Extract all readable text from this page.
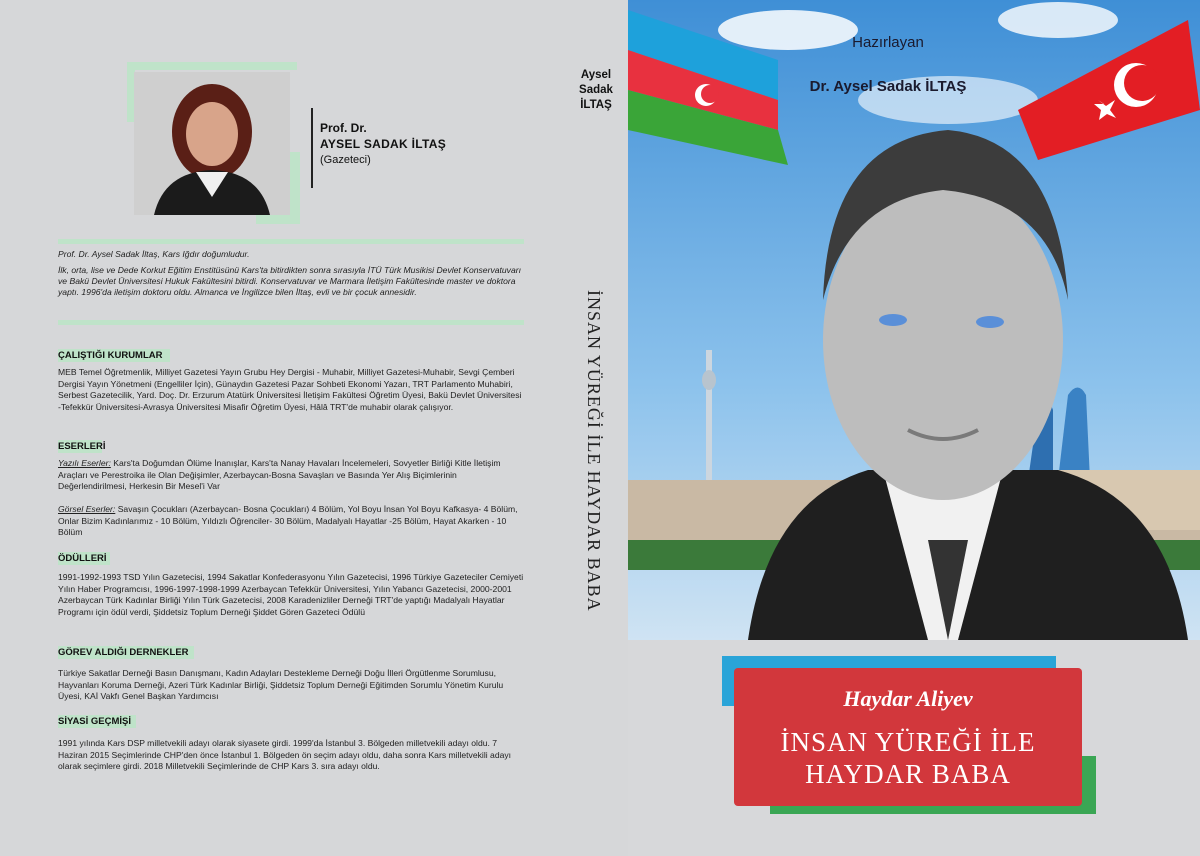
Prof. Dr.
AYSEL SADAK İLTAŞ
(Gazeteci)
Prof. Dr. Aysel Sadak İltaş, Kars Iğdır doğumludur.
İlk, orta, lise ve Dede Korkut Eğitim Enstitüsünü Kars'ta bitirdikten sonra sırasıyla İTÜ Türk Musikisi Devlet Konservatuvarı ve Bakü Devlet Üniversitesi Hukuk Fakültesini bitirdi. Konservatuvar ve Marmara İletişim Fakültesinde master ve doktora yaptı. 1996'da iletişim doktoru oldu. Almanca ve İngilizce bilen İltaş, evli ve bir çocuk annesidir.
ÇALIŞTIĞI KURUMLAR
MEB Temel Öğretmenlik, Milliyet Gazetesi Yayın Grubu Hey Dergisi - Muhabir, Milliyet Gazetesi-Muhabir, Sevgi Çemberi Dergisi Yayın Yönetmeni (Engelliler İçin), Günaydın Gazetesi Pazar Sohbeti Ekonomi Yazarı, TRT Parlamento Muhabiri, Serbest Gazetecilik, Yard. Doç. Dr. Erzurum Atatürk Üniversitesi İletişim Fakültesi Öğretim Üyesi, Bakü Devlet Üniversitesi -Tefekkür Üniversitesi-Avrasya Üniversitesi Misafir Öğretim Üyesi, Hâlâ TRT'de muhabir olarak çalışıyor.
ESERLERİ
Yazılı Eserler: Kars'ta Doğumdan Ölüme İnanışlar, Kars'ta Nanay Havaları İncelemeleri, Sovyetler Birliği Kitle İletişim Araçları ve Perestroika ile Olan Değişimler, Azerbaycan-Bosna Savaşları ve Basında Yer Alış Biçimlerinin Değerlendirilmesi, Herkesin Bir Mesel'i Var
Görsel Eserler: Savaşın Çocukları (Azerbaycan- Bosna Çocukları) 4 Bölüm, Yol Boyu İnsan Yol Boyu Kafkasya- 4 Bölüm, Onlar Bizim Kadınlarımız - 10 Bölüm, Yıldızlı Öğrenciler- 30 Bölüm, Madalyalı Hayatlar -25 Bölüm, Hayat Akarken - 10 Bölüm
ÖDÜLLERİ
1991-1992-1993 TSD Yılın Gazetecisi, 1994 Sakatlar Konfederasyonu Yılın Gazetecisi, 1996 Türkiye Gazeteciler Cemiyeti Yılın Haber Programcısı, 1996-1997-1998-1999 Azerbaycan Tefekkür Üniversitesi, Yılın Yabancı Gazetecisi, 2000-2001 Azerbaycan Türk Kadınlar Birliği Yılın Türk Gazetecisi, 2008 Karadenizliler Derneği TRT'de yaptığı Madalyalı Hayatlar Programı için ödül verdi, Şiddetsiz Toplum Derneği Şiddet Gören Gazeteci Ödülü
GÖREV ALDIĞI DERNEKLER
Türkiye Sakatlar Derneği Basın Danışmanı, Kadın Adayları Destekleme Derneği Doğu İlleri Örgütlenme Sorumlusu, Hayvanları Koruma Derneği, Azeri Türk Kadınlar Birliği, Şiddetsiz Toplum Derneği Eğitimden Sorumlu Yönetim Kurulu Üyesi, KAİ Vakfı Genel Başkan Yardımcısı
SİYASİ GEÇMİŞİ
1991 yılında Kars DSP milletvekili adayı olarak siyasete girdi. 1999'da İstanbul 3. Bölgeden milletvekili adayı oldu. 7 Haziran 2015 Seçimlerinde CHP'den önce İstanbul 1. Bölgeden ön seçim adayı oldu, daha sonra Kars milletvekili adayı olarak seçimlere girdi. 2018 Milletvekili Seçimlerinde de CHP Kars 3. sıra adayı oldu.
Aysel
Sadak
İLTAŞ
İNSAN YÜREĞİ İLE HAYDAR BABA
Hazırlayan
Dr. Aysel Sadak İLTAŞ
Haydar Aliyev
İNSAN YÜREĞİ İLE
HAYDAR BABA
